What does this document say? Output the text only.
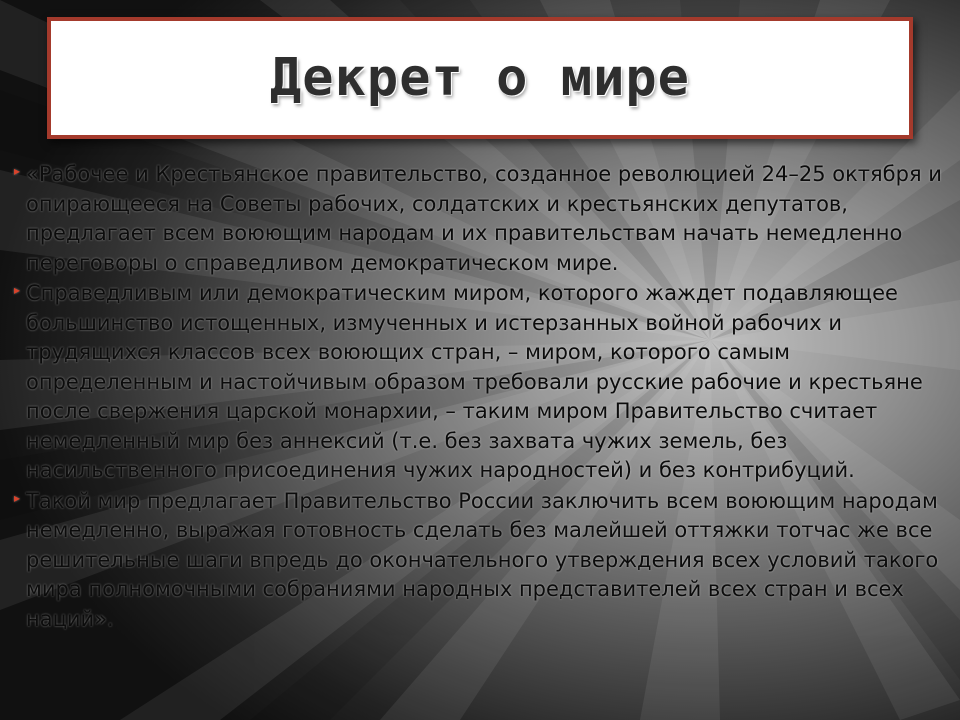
Декрет о мире
▸ «Рабочее и Крестьянское правительство, созданное революцией 24–25 октября и опирающееся на Советы рабочих, солдатских и крестьянских депутатов, предлагает всем воюющим народам и их правительствам начать немедленно переговоры о справедливом демократическом мире.
▸ Справедливым или демократическим миром, которого жаждет подавляющее большинство истощенных, измученных и истерзанных войной рабочих и трудящихся классов всех воюющих стран, – миром, которого самым определенным и настойчивым образом требовали русские рабочие и крестьяне после свержения царской монархии, – таким миром Правительство считает немедленный мир без аннексий (т.е. без захвата чужих земель, без насильственного присоединения чужих народностей) и без контрибуций.
▸ Такой мир предлагает Правительство России заключить всем воюющим народам немедленно, выражая готовность сделать без малейшей оттяжки тотчас же все решительные шаги впредь до окончательного утверждения всех условий такого мира полномочными собраниями народных представителей всех стран и всех наций».
